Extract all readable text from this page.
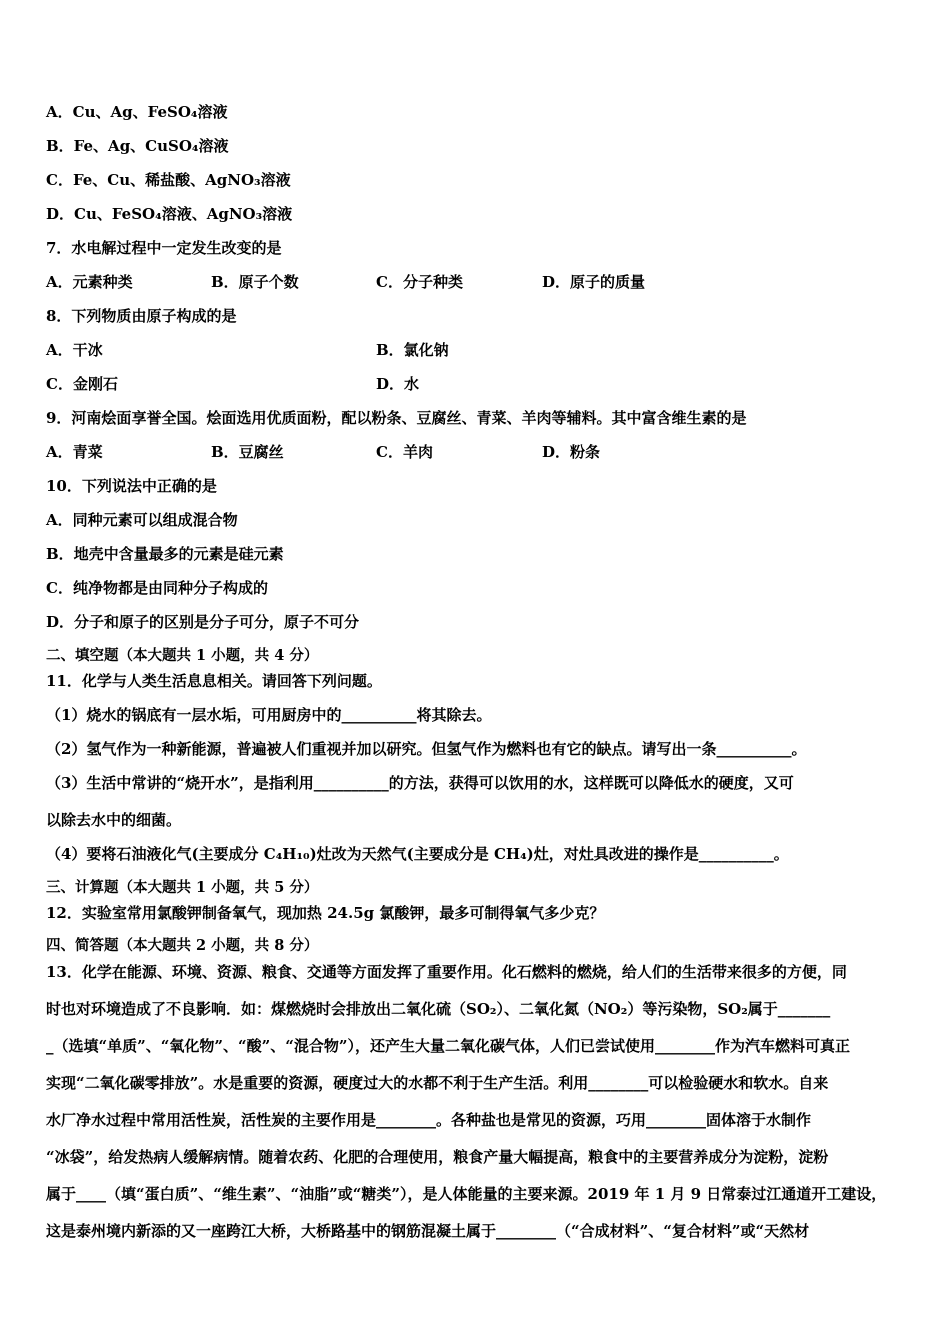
A．Cu、Ag、FeSO₄溶液
B．Fe、Ag、CuSO₄溶液
C．Fe、Cu、稀盐酸、AgNO₃溶液
D．Cu、FeSO₄溶液、AgNO₃溶液
7．水电解过程中一定发生改变的是
A．元素种类	B．原子个数	C．分子种类	D．原子的质量
8．下列物质由原子构成的是
A．干冰	B．氯化钠
C．金刚石	D．水
9．河南烩面享誉全国。烩面选用优质面粉，配以粉条、豆腐丝、青菜、羊肉等辅料。其中富含维生素的是
A．青菜	B．豆腐丝	C．羊肉	D．粉条
10．下列说法中正确的是
A．同种元素可以组成混合物
B．地壳中含量最多的元素是硅元素
C．纯净物都是由同种分子构成的
D．分子和原子的区别是分子可分，原子不可分
二、填空题（本大题共 1 小题，共 4 分）
11．化学与人类生活息息相关。请回答下列问题。
（1）烧水的锅底有一层水垢，可用厨房中的__________将其除去。
（2）氢气作为一种新能源，普遍被人们重视并加以研究。但氢气作为燃料也有它的缺点。请写出一条__________。
（3）生活中常讲的“烧开水”，是指利用__________的方法，获得可以饮用的水，这样既可以降低水的硬度，又可
以除去水中的细菌。
（4）要将石油液化气(主要成分 C₄H₁₀)灶改为天然气(主要成分是 CH₄)灶，对灶具改进的操作是__________。
三、计算题（本大题共 1 小题，共 5 分）
12．实验室常用氯酸钾制备氧气，现加热 24.5g 氯酸钾，最多可制得氧气多少克？
四、简答题（本大题共 2 小题，共 8 分）
13．化学在能源、环境、资源、粮食、交通等方面发挥了重要作用。化石燃料的燃烧，给人们的生活带来很多的方便，同
时也对环境造成了不良影响．如：煤燃烧时会排放出二氧化硫（SO₂）、二氧化氮（NO₂）等污染物，SO₂属于_______
_（选填“单质”、“氧化物”、“酸”、“混合物”），还产生大量二氧化碳气体，人们已尝试使用________作为汽车燃料可真正
实现“二氧化碳零排放”。水是重要的资源，硬度过大的水都不利于生产生活。利用________可以检验硬水和软水。自来
水厂净水过程中常用活性炭，活性炭的主要作用是________。各种盐也是常见的资源，巧用________固体溶于水制作
“冰袋”，给发热病人缓解病情。随着农药、化肥的合理使用，粮食产量大幅提高，粮食中的主要营养成分为淀粉，淀粉
属于____（填“蛋白质”、“维生素”、“油脂”或“糖类”），是人体能量的主要来源。2019 年 1 月 9 日常泰过江通道开工建设，
这是泰州境内新添的又一座跨江大桥，大桥路基中的钢筋混凝土属于________（“合成材料”、“复合材料”或“天然材
